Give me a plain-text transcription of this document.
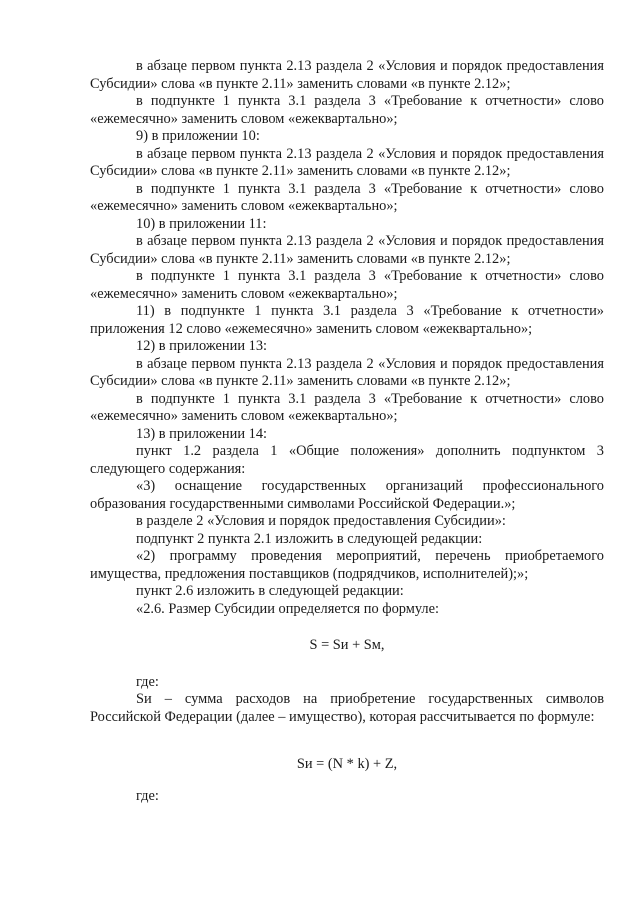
в абзаце первом пункта 2.13 раздела 2 «Условия и порядок предоставления Субсидии» слова «в пункте 2.11» заменить словами «в пункте 2.12»;

в подпункте 1 пункта 3.1 раздела 3 «Требование к отчетности» слово «ежемесячно» заменить словом «ежеквартально»;

9) в приложении 10:

в абзаце первом пункта 2.13 раздела 2 «Условия и порядок предоставления Субсидии» слова «в пункте 2.11» заменить словами «в пункте 2.12»;

в подпункте 1 пункта 3.1 раздела 3 «Требование к отчетности» слово «ежемесячно» заменить словом «ежеквартально»;

10) в приложении 11:

в абзаце первом пункта 2.13 раздела 2 «Условия и порядок предоставления Субсидии» слова «в пункте 2.11» заменить словами «в пункте 2.12»;

в подпункте 1 пункта 3.1 раздела 3 «Требование к отчетности» слово «ежемесячно» заменить словом «ежеквартально»;

11) в подпункте 1 пункта 3.1 раздела 3 «Требование к отчетности» приложения 12 слово «ежемесячно» заменить словом «ежеквартально»;

12) в приложении 13:

в абзаце первом пункта 2.13 раздела 2 «Условия и порядок предоставления Субсидии» слова «в пункте 2.11» заменить словами «в пункте 2.12»;

в подпункте 1 пункта 3.1 раздела 3 «Требование к отчетности» слово «ежемесячно» заменить словом «ежеквартально»;

13) в приложении 14:

пункт 1.2 раздела 1 «Общие положения» дополнить подпунктом 3 следующего содержания:

«3) оснащение государственных организаций профессионального образования государственными символами Российской Федерации.»;

в разделе 2 «Условия и порядок предоставления Субсидии»:

подпункт 2 пункта 2.1 изложить в следующей редакции:

«2) программу проведения мероприятий, перечень приобретаемого имущества, предложения поставщиков (подрядчиков, исполнителей);»;

пункт 2.6 изложить в следующей редакции:

«2.6. Размер Субсидии определяется по формуле:

S = Sи + Sм,

где:

Sи – сумма расходов на приобретение государственных символов Российской Федерации (далее – имущество), которая рассчитывается по формуле:

Sи = (N * k) + Z,

где:
